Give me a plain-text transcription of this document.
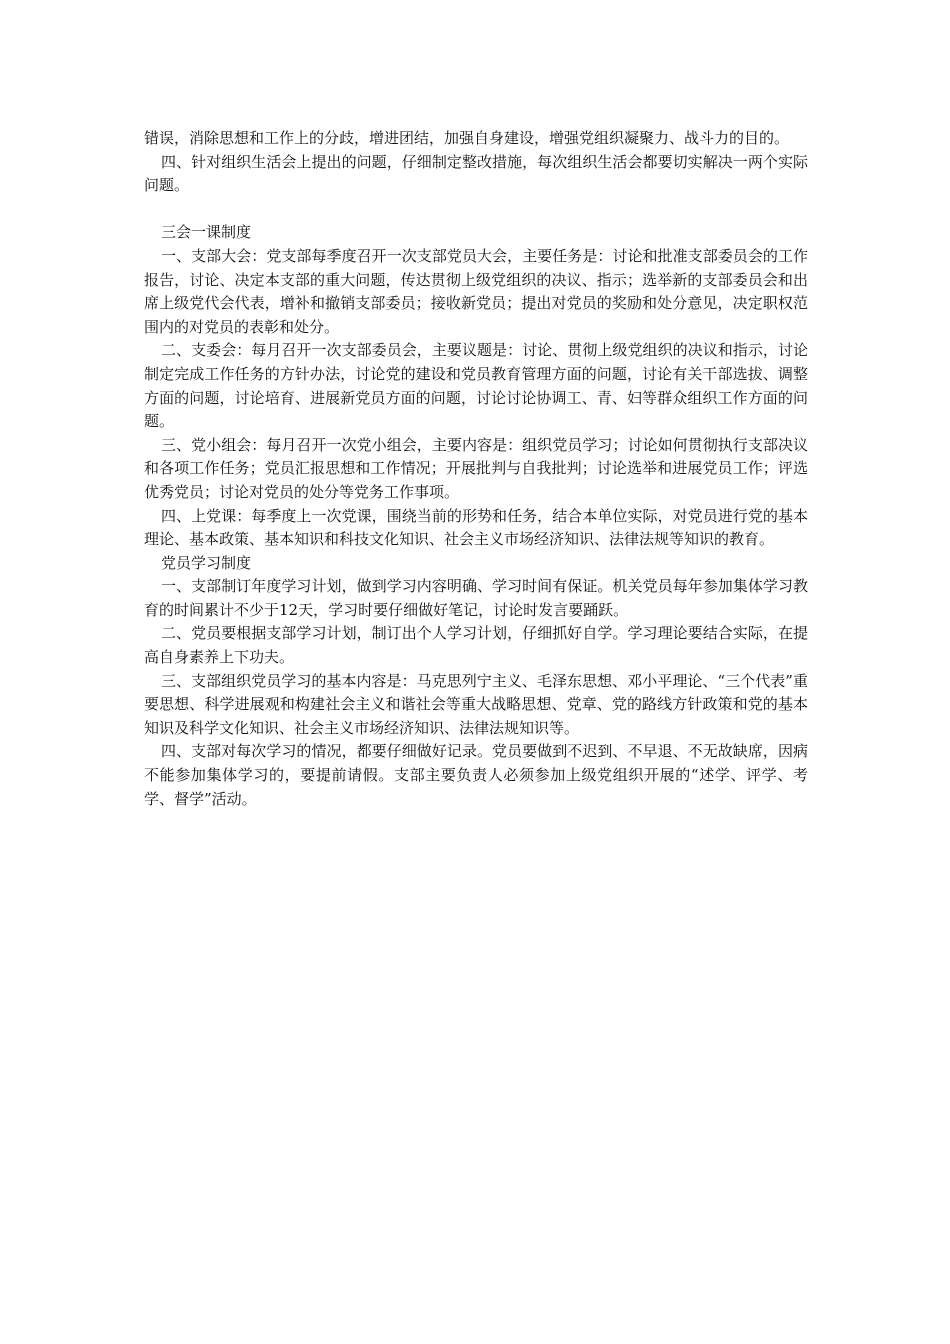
错误，消除思想和工作上的分歧，增进团结，加强自身建设，增强党组织凝聚力、战斗力的目的。

四、针对组织生活会上提出的问题，仔细制定整改措施，每次组织生活会都要切实解决一两个实际问题。

三会一课制度

一、支部大会：党支部每季度召开一次支部党员大会，主要任务是：讨论和批准支部委员会的工作报告，讨论、决定本支部的重大问题，传达贯彻上级党组织的决议、指示；选举新的支部委员会和出席上级党代会代表，增补和撤销支部委员；接收新党员；提出对党员的奖励和处分意见，决定职权范围内的对党员的表彰和处分。

二、支委会：每月召开一次支部委员会，主要议题是：讨论、贯彻上级党组织的决议和指示，讨论制定完成工作任务的方针办法，讨论党的建设和党员教育管理方面的问题，讨论有关干部选拔、调整方面的问题，讨论培育、进展新党员方面的问题，讨论讨论协调工、青、妇等群众组织工作方面的问题。

三、党小组会：每月召开一次党小组会，主要内容是：组织党员学习；讨论如何贯彻执行支部决议和各项工作任务；党员汇报思想和工作情况；开展批判与自我批判；讨论选举和进展党员工作；评选优秀党员；讨论对党员的处分等党务工作事项。

四、上党课：每季度上一次党课，围绕当前的形势和任务，结合本单位实际，对党员进行党的基本理论、基本政策、基本知识和科技文化知识、社会主义市场经济知识、法律法规等知识的教育。

党员学习制度

一、支部制订年度学习计划，做到学习内容明确、学习时间有保证。机关党员每年参加集体学习教育的时间累计不少于12天，学习时要仔细做好笔记，讨论时发言要踊跃。

二、党员要根据支部学习计划，制订出个人学习计划，仔细抓好自学。学习理论要结合实际，在提高自身素养上下功夫。

三、支部组织党员学习的基本内容是：马克思列宁主义、毛泽东思想、邓小平理论、“三个代表”重要思想、科学进展观和构建社会主义和谐社会等重大战略思想、党章、党的路线方针政策和党的基本知识及科学文化知识、社会主义市场经济知识、法律法规知识等。

四、支部对每次学习的情况，都要仔细做好记录。党员要做到不迟到、不早退、不无故缺席，因病不能参加集体学习的，要提前请假。支部主要负责人必须参加上级党组织开展的“述学、评学、考学、督学”活动。
